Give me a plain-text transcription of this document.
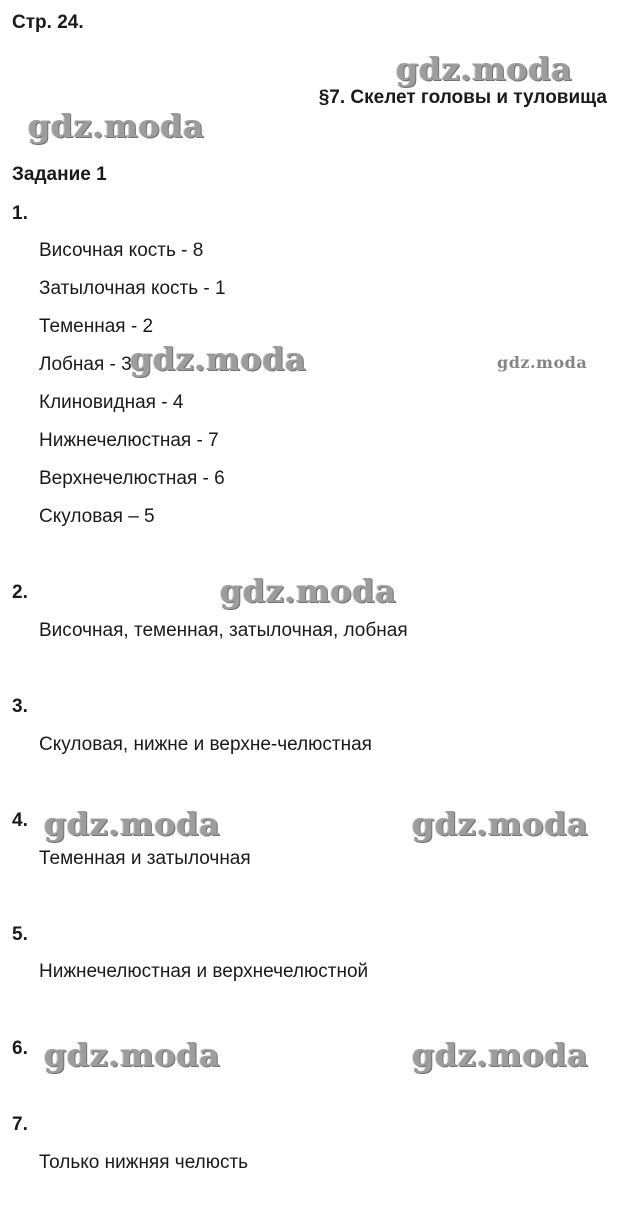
Стр. 24.
§7. Скелет головы и туловища
Задание 1
1.
Височная кость - 8
Затылочная кость - 1
Теменная - 2
Лобная - 3
Клиновидная - 4
Нижнечелюстная - 7
Верхнечелюстная - 6
Скуловая – 5
2.
Височная, теменная, затылочная, лобная
3.
Скуловая, нижне и верхне-челюстная
4.
Теменная и затылочная
5.
Нижнечелюстная и верхнечелюстной
6.
7.
Только нижняя челюсть
gdz.moda
gdz.moda
gdz.moda	gdz.moda
gdz.moda
gdz.moda	gdz.moda
gdz.moda	gdz.moda
